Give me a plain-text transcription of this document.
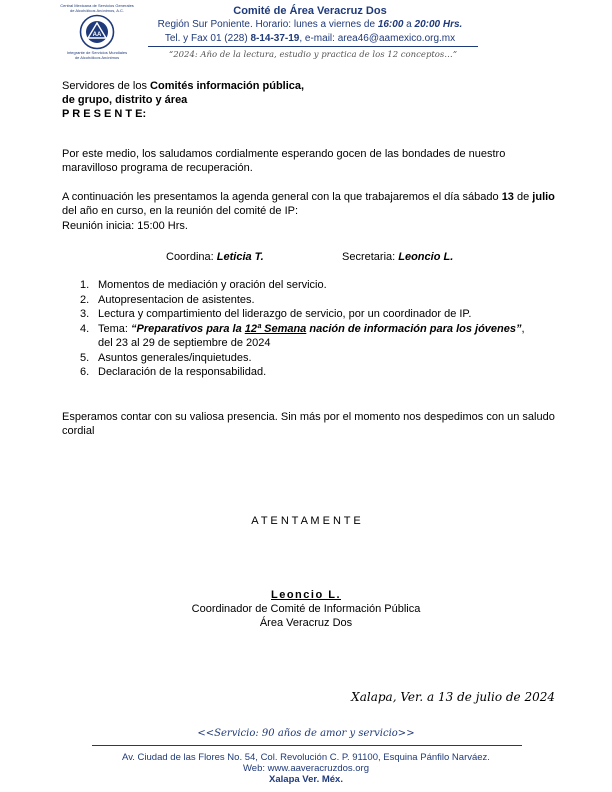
Central Mexicana de Servicios Generales
de Alcohólicos Anónimos, A.C.
AA
Integrante de Servicios Mundiales
de Alcohólicos Anónimos
Comité de Área Veracruz Dos
Región Sur Poniente. Horario: lunes a viernes de 16:00 a 20:00 Hrs.
Tel. y Fax 01 (228) 8-14-37-19, e-mail: area46@aamexico.org.mx
“2024: Año de la lectura, estudio y practica de los 12 conceptos…”
Servidores de los Comités información pública,
de grupo, distrito y área
P R E S E N T E:
Por este medio, los saludamos cordialmente esperando gocen de las bondades de nuestro maravilloso programa de recuperación.
A continuación les presentamos la agenda general con la que trabajaremos el día sábado 13 de julio del año en curso, en la reunión del comité de IP:
Reunión inicia: 15:00 Hrs.
Coordina: Leticia T.	Secretaria: Leoncio L.
1. Momentos de mediación y oración del servicio.
2. Autopresentacion de asistentes.
3. Lectura y compartimiento del liderazgo de servicio, por un coordinador de IP.
4. Tema: “Preparativos para la 12ª Semana nación de información para los jóvenes”,
del 23 al 29 de septiembre de 2024
5. Asuntos generales/inquietudes.
6. Declaración de la responsabilidad.
Esperamos contar con su valiosa presencia. Sin más por el momento nos despedimos con un saludo cordial
A T E N T A M E N T E
Leoncio L.
Coordinador de Comité de Información Pública
Área Veracruz Dos
Xalapa, Ver. a 13 de julio de 2024
<<Servicio: 90 años de amor y servicio>>
Av. Ciudad de las Flores No. 54, Col. Revolución C. P. 91100, Esquina Pánfilo Narváez.
Web: www.aaveracruzdos.org
Xalapa Ver. Méx.
